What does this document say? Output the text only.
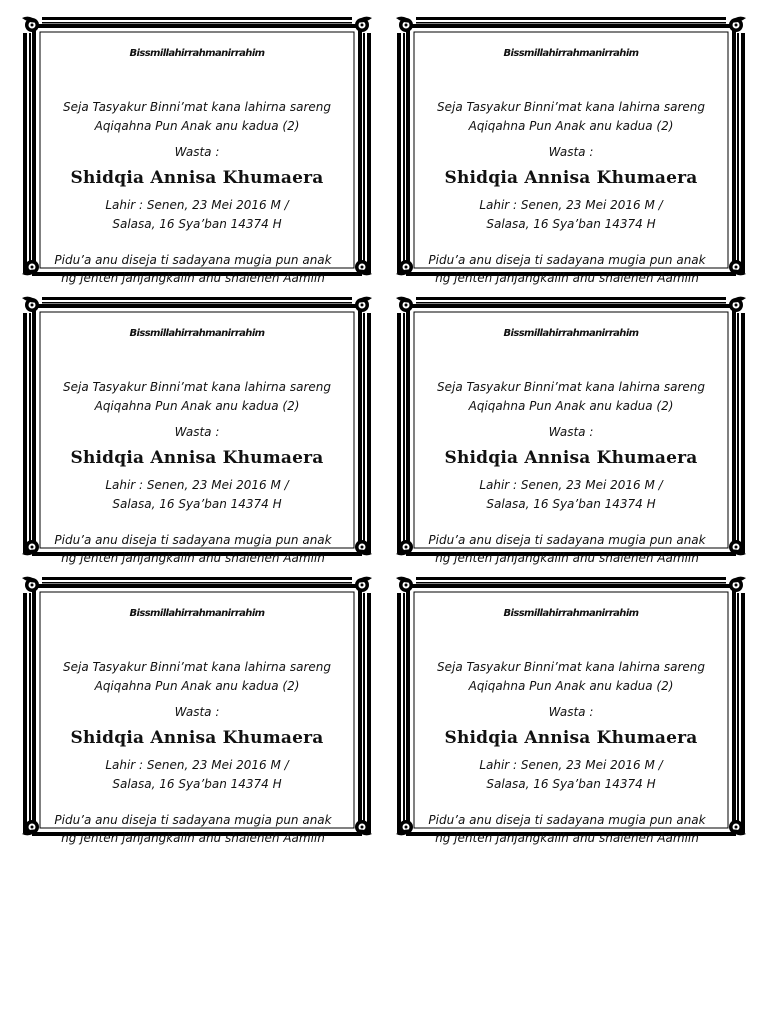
Bissmillahirrahmanirrahim
Seja Tasyakur Binni’mat kana lahirna sareng
Aqiqahna Pun Anak anu kadua (2)
Wasta :
Shidqia Annisa Khumaera
Lahir : Senen, 23 Mei 2016 M /
Salasa, 16 Sya’ban 14374 H
Pidu’a anu diseja ti sadayana mugia pun anak
ng jenten janjangkalih anu shaleheh Aamiin
Bissmillahirrahmanirrahim
Seja Tasyakur Binni’mat kana lahirna sareng
Aqiqahna Pun Anak anu kadua (2)
Wasta :
Shidqia Annisa Khumaera
Lahir : Senen, 23 Mei 2016 M /
Salasa, 16 Sya’ban 14374 H
Pidu’a anu diseja ti sadayana mugia pun anak
ng jenten janjangkalih anu shaleheh Aamiin
Bissmillahirrahmanirrahim
Seja Tasyakur Binni’mat kana lahirna sareng
Aqiqahna Pun Anak anu kadua (2)
Wasta :
Shidqia Annisa Khumaera
Lahir : Senen, 23 Mei 2016 M /
Salasa, 16 Sya’ban 14374 H
Pidu’a anu diseja ti sadayana mugia pun anak
ng jenten janjangkalih anu shaleheh Aamiin
Bissmillahirrahmanirrahim
Seja Tasyakur Binni’mat kana lahirna sareng
Aqiqahna Pun Anak anu kadua (2)
Wasta :
Shidqia Annisa Khumaera
Lahir : Senen, 23 Mei 2016 M /
Salasa, 16 Sya’ban 14374 H
Pidu’a anu diseja ti sadayana mugia pun anak
ng jenten janjangkalih anu shaleheh Aamiin
Bissmillahirrahmanirrahim
Seja Tasyakur Binni’mat kana lahirna sareng
Aqiqahna Pun Anak anu kadua (2)
Wasta :
Shidqia Annisa Khumaera
Lahir : Senen, 23 Mei 2016 M /
Salasa, 16 Sya’ban 14374 H
Pidu’a anu diseja ti sadayana mugia pun anak
ng jenten janjangkalih anu shaleheh Aamiin
Bissmillahirrahmanirrahim
Seja Tasyakur Binni’mat kana lahirna sareng
Aqiqahna Pun Anak anu kadua (2)
Wasta :
Shidqia Annisa Khumaera
Lahir : Senen, 23 Mei 2016 M /
Salasa, 16 Sya’ban 14374 H
Pidu’a anu diseja ti sadayana mugia pun anak
ng jenten janjangkalih anu shaleheh Aamiin
